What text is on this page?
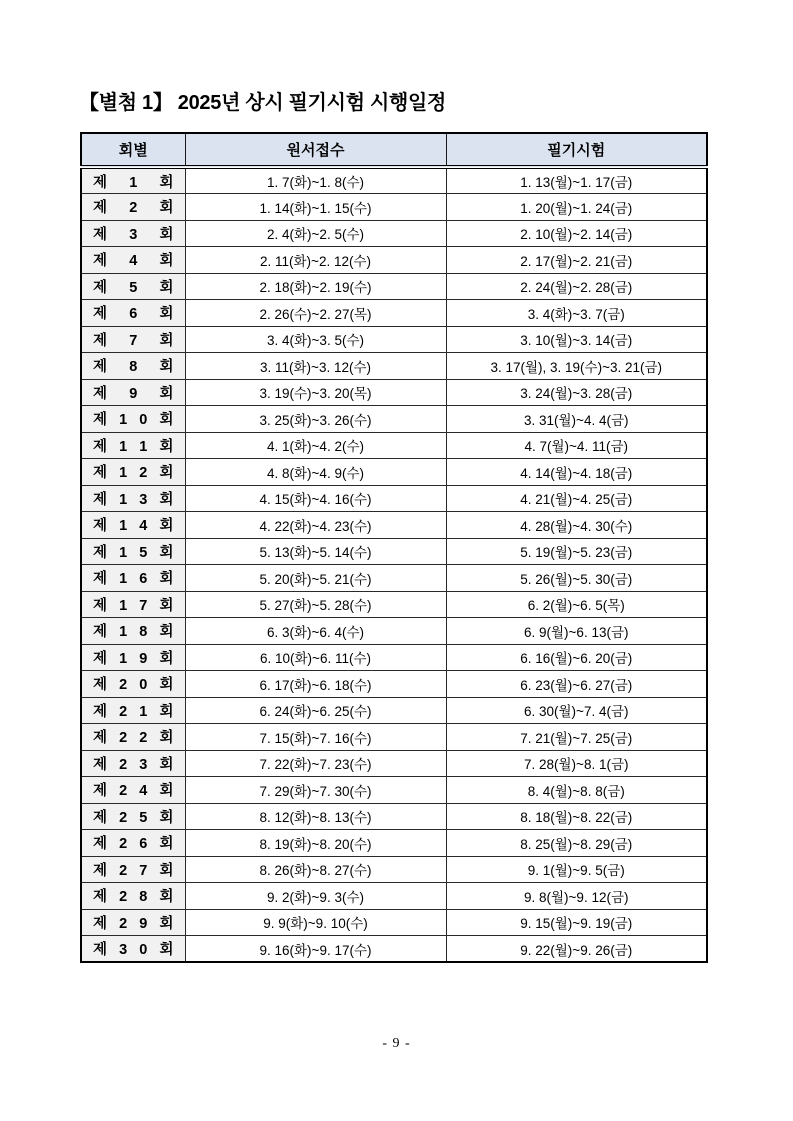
【별첨 1】 2025년 상시 필기시험 시행일정
회별	원서접수	필기시험
제 1 회	1. 7(화)~1. 8(수)	1. 13(월)~1. 17(금)
제 2 회	1. 14(화)~1. 15(수)	1. 20(월)~1. 24(금)
제 3 회	2. 4(화)~2. 5(수)	2. 10(월)~2. 14(금)
제 4 회	2. 11(화)~2. 12(수)	2. 17(월)~2. 21(금)
제 5 회	2. 18(화)~2. 19(수)	2. 24(월)~2. 28(금)
제 6 회	2. 26(수)~2. 27(목)	3. 4(화)~3. 7(금)
제 7 회	3. 4(화)~3. 5(수)	3. 10(월)~3. 14(금)
제 8 회	3. 11(화)~3. 12(수)	3. 17(월), 3. 19(수)~3. 21(금)
제 9 회	3. 19(수)~3. 20(목)	3. 24(월)~3. 28(금)
제 1 0 회	3. 25(화)~3. 26(수)	3. 31(월)~4. 4(금)
제 1 1 회	4. 1(화)~4. 2(수)	4. 7(월)~4. 11(금)
제 1 2 회	4. 8(화)~4. 9(수)	4. 14(월)~4. 18(금)
제 1 3 회	4. 15(화)~4. 16(수)	4. 21(월)~4. 25(금)
제 1 4 회	4. 22(화)~4. 23(수)	4. 28(월)~4. 30(수)
제 1 5 회	5. 13(화)~5. 14(수)	5. 19(월)~5. 23(금)
제 1 6 회	5. 20(화)~5. 21(수)	5. 26(월)~5. 30(금)
제 1 7 회	5. 27(화)~5. 28(수)	6. 2(월)~6. 5(목)
제 1 8 회	6. 3(화)~6. 4(수)	6. 9(월)~6. 13(금)
제 1 9 회	6. 10(화)~6. 11(수)	6. 16(월)~6. 20(금)
제 2 0 회	6. 17(화)~6. 18(수)	6. 23(월)~6. 27(금)
제 2 1 회	6. 24(화)~6. 25(수)	6. 30(월)~7. 4(금)
제 2 2 회	7. 15(화)~7. 16(수)	7. 21(월)~7. 25(금)
제 2 3 회	7. 22(화)~7. 23(수)	7. 28(월)~8. 1(금)
제 2 4 회	7. 29(화)~7. 30(수)	8. 4(월)~8. 8(금)
제 2 5 회	8. 12(화)~8. 13(수)	8. 18(월)~8. 22(금)
제 2 6 회	8. 19(화)~8. 20(수)	8. 25(월)~8. 29(금)
제 2 7 회	8. 26(화)~8. 27(수)	9. 1(월)~9. 5(금)
제 2 8 회	9. 2(화)~9. 3(수)	9. 8(월)~9. 12(금)
제 2 9 회	9. 9(화)~9. 10(수)	9. 15(월)~9. 19(금)
제 3 0 회	9. 16(화)~9. 17(수)	9. 22(월)~9. 26(금)
- 9 -
